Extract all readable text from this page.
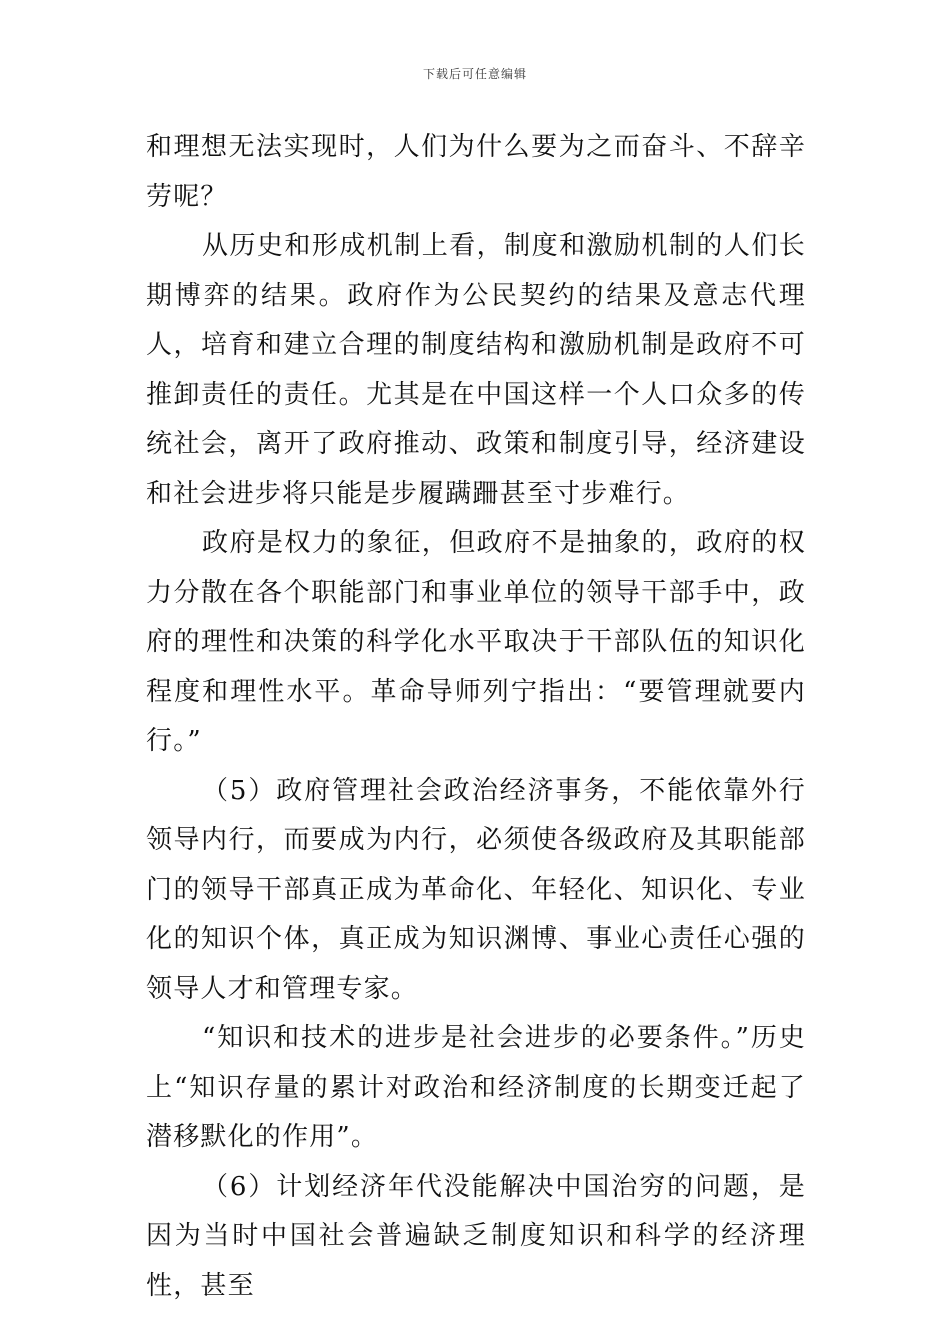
下载后可任意编辑

和理想无法实现时，人们为什么要为之而奋斗、不辞辛劳呢？

从历史和形成机制上看，制度和激励机制的人们长期博弈的结果。政府作为公民契约的结果及意志代理人，培育和建立合理的制度结构和激励机制是政府不可推卸责任的责任。尤其是在中国这样一个人口众多的传统社会，离开了政府推动、政策和制度引导，经济建设和社会进步将只能是步履蹒跚甚至寸步难行。

政府是权力的象征，但政府不是抽象的，政府的权力分散在各个职能部门和事业单位的领导干部手中，政府的理性和决策的科学化水平取决于干部队伍的知识化程度和理性水平。革命导师列宁指出：“要管理就要内行。”

（5）政府管理社会政治经济事务，不能依靠外行领导内行，而要成为内行，必须使各级政府及其职能部门的领导干部真正成为革命化、年轻化、知识化、专业化的知识个体，真正成为知识渊博、事业心责任心强的领导人才和管理专家。

“知识和技术的进步是社会进步的必要条件。”历史上“知识存量的累计对政治和经济制度的长期变迁起了潜移默化的作用”。

（6）计划经济年代没能解决中国治穷的问题，是因为当时中国社会普遍缺乏制度知识和科学的经济理性，甚至
